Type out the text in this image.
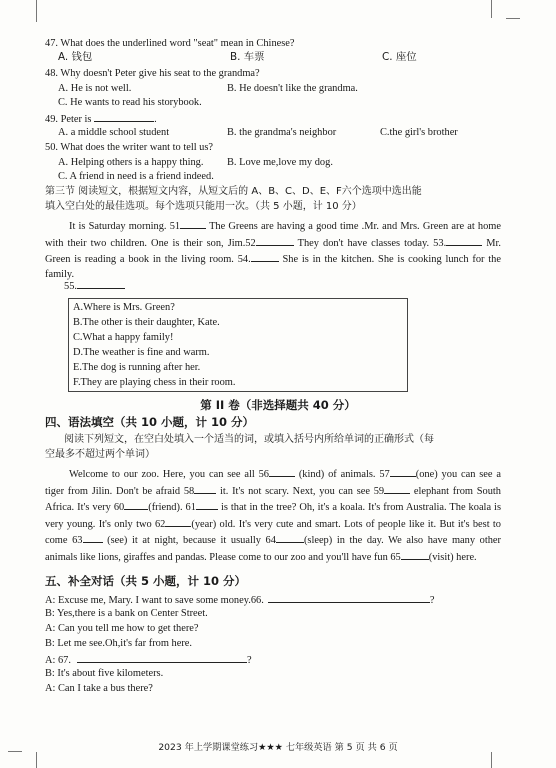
47. What does the underlined word "seat" mean in Chinese?
A. 钱包	B. 车票	C. 座位
48. Why doesn't Peter give his seat to the grandma?
A. He is not well.	B. He doesn't like the grandma.
C. He wants to read his storybook.
49. Peter is	.
A. a middle school student	B. the grandma's neighbor	C.the girl's brother
50. What does the writer want to tell us?
A. Helping others is a happy thing. B. Love me,love my dog.
C. A friend in need is a friend indeed.
第三节 阅读短文，根据短文内容，从短文后的 A、B、C、D、E、F六个选项中选出能
填入空白处的最佳选项。每个选项只能用一次。（共 5 小题，计 10 分）
It is Saturday morning. 51	The Greens are having a good time .Mr. and Mrs. Green are at home with their two children. One is their son, Jim.52	They don't have classes today. 53.	Mr. Green is reading a book in the living room. 54.	She is in the kitchen. She is cooking lunch for the family.
55.
A.Where is Mrs. Green?
B.The other is their daughter, Kate.
C.What a happy family!
D.The weather is fine and warm.
E.The dog is running after her.
F.They are playing chess in their room.
第 II 卷（非选择题共 40 分）
四、语法填空（共 10 小题，计 10 分）
阅读下列短文，在空白处填入一个适当的词，或填入括号内所给单词的正确形式（每
空最多不超过两个单词）
Welcome to our zoo. Here, you can see all 56	(kind) of animals. 57	(one) you can see a tiger from Jilin. Don't be afraid 58 it. It's not scary. Next, you can see 59	elephant from South Africa. It's very 60 (friend). 61 is that in the tree? Oh, it's a koala. It's from Australia. The koala is very young. It's only two 62	(year) old. It's very cute and smart. Lots of people like it. But it's best to come 63 (see) it at night, because it usually 64	(sleep) in the day. We also have many other animals like lions, giraffes and pandas. Please come to our zoo and you'll have fun 65	(visit) here.
五、补全对话（共 5 小题，计 10 分）
A: Excuse me, Mary. I want to save some money.66.	?
B: Yes,there is a bank on Center Street.
A: Can you tell me how to get there?
B: Let me see.Oh,it's far from here.
A: 67.	?
B: It's about five kilometers.
A: Can I take a bus there?
2023 年上学期课堂练习★★★ 七年级英语 第 5 页 共 6 页
